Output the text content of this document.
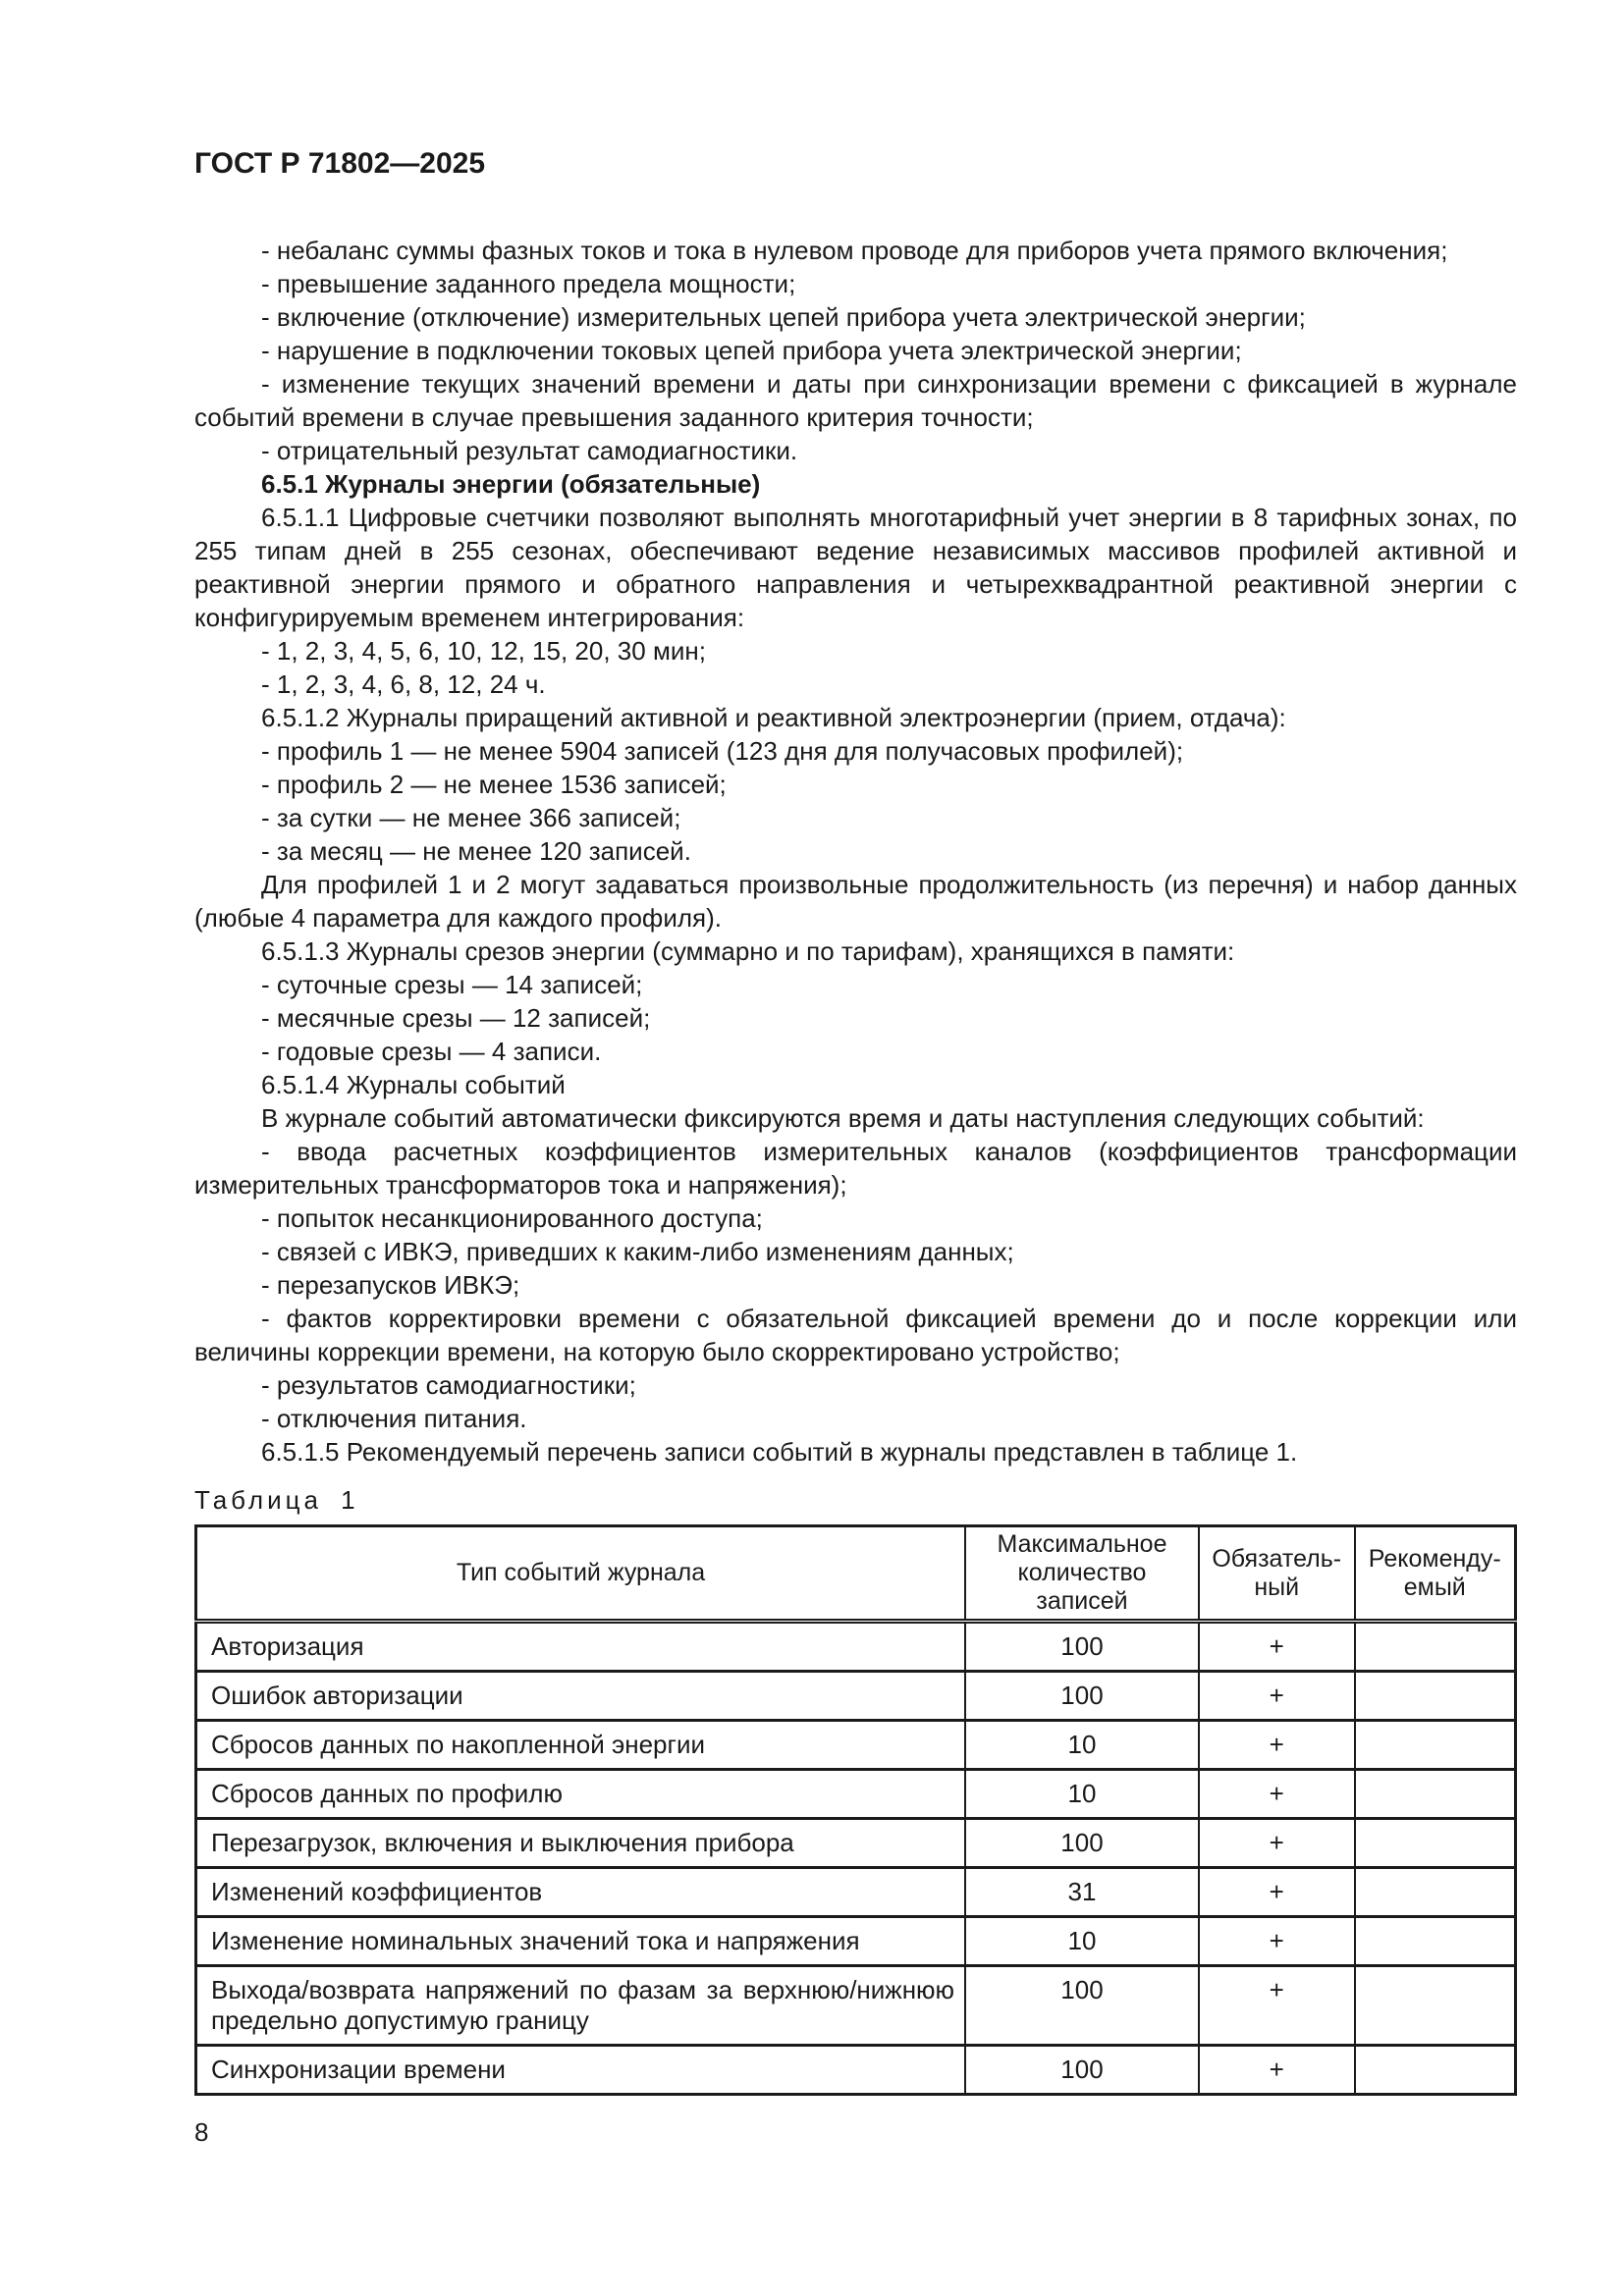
ГОСТ Р 71802—2025

- небаланс суммы фазных токов и тока в нулевом проводе для приборов учета прямого включения;

- превышение заданного предела мощности;

- включение (отключение) измерительных цепей прибора учета электрической энергии;

- нарушение в подключении токовых цепей прибора учета электрической энергии;

- изменение текущих значений времени и даты при синхронизации времени с фиксацией в журнале событий времени в случае превышения заданного критерия точности;

- отрицательный результат самодиагностики.

6.5.1 Журналы энергии (обязательные)

6.5.1.1 Цифровые счетчики позволяют выполнять многотарифный учет энергии в 8 тарифных зонах, по 255 типам дней в 255 сезонах, обеспечивают ведение независимых массивов профилей активной и реактивной энергии прямого и обратного направления и четырехквадрантной реактивной энергии с конфигурируемым временем интегрирования:

- 1, 2, 3, 4, 5, 6, 10, 12, 15, 20, 30 мин;

- 1, 2, 3, 4, 6, 8, 12, 24 ч.

6.5.1.2 Журналы приращений активной и реактивной электроэнергии (прием, отдача):

- профиль 1 — не менее 5904 записей (123 дня для получасовых профилей);

- профиль 2 — не менее 1536 записей;

- за сутки — не менее 366 записей;

- за месяц — не менее 120 записей.

Для профилей 1 и 2 могут задаваться произвольные продолжительность (из перечня) и набор данных (любые 4 параметра для каждого профиля).

6.5.1.3 Журналы срезов энергии (суммарно и по тарифам), хранящихся в памяти:

- суточные срезы — 14 записей;

- месячные срезы — 12 записей;

- годовые срезы — 4 записи.

6.5.1.4 Журналы событий

В журнале событий автоматически фиксируются время и даты наступления следующих событий:

- ввода расчетных коэффициентов измерительных каналов (коэффициентов трансформации измерительных трансформаторов тока и напряжения);

- попыток несанкционированного доступа;

- связей с ИВКЭ, приведших к каким-либо изменениям данных;

- перезапусков ИВКЭ;

- фактов корректировки времени с обязательной фиксацией времени до и после коррекции или величины коррекции времени, на которую было скорректировано устройство;

- результатов самодиагностики;

- отключения питания.

6.5.1.5 Рекомендуемый перечень записи событий в журналы представлен в таблице 1.

Таблица 1
Тип событий журнала	Максимальное количество записей	Обязатель-ный	Рекоменду-емый
Авторизация	100	+	
Ошибок авторизации	100	+	
Сбросов данных по накопленной энергии	10	+	
Сбросов данных по профилю	10	+	
Перезагрузок, включения и выключения прибора	100	+	
Изменений коэффициентов	31	+	
Изменение номинальных значений тока и напряжения	10	+	
Выхода/возврата напряжений по фазам за верхнюю/нижнюю предельно допустимую границу	100	+	
Синхронизации времени	100	+	
8
